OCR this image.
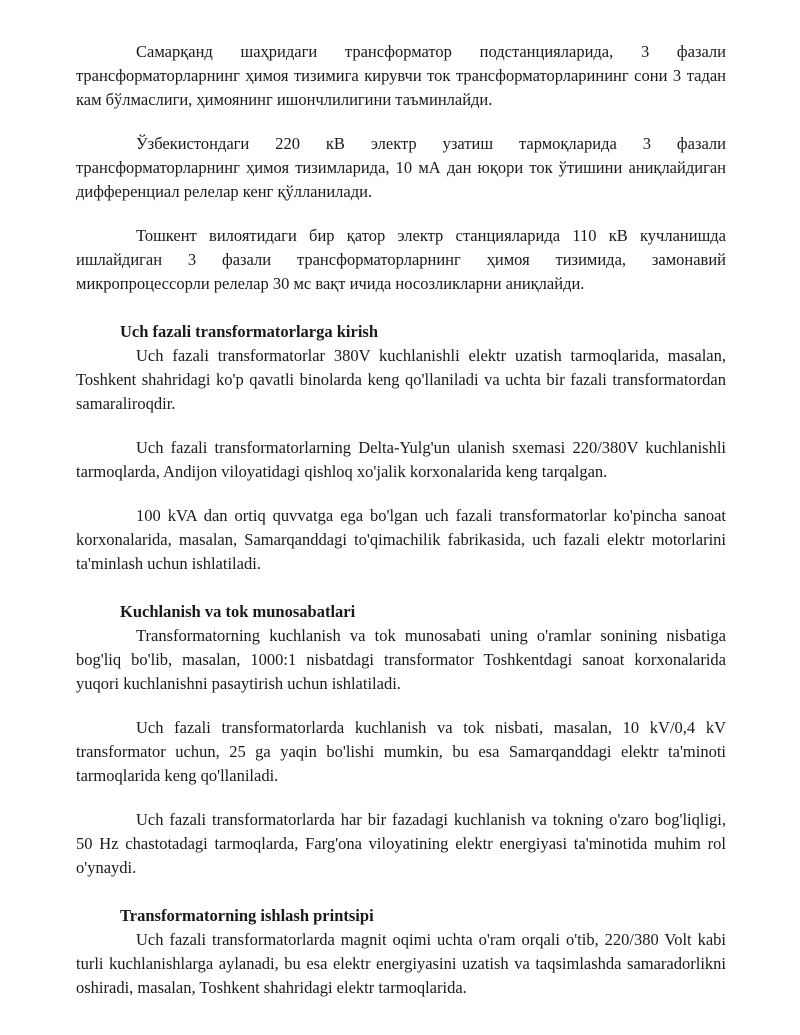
Самарқанд шаҳридаги трансформатор подстанцияларида, 3 фазали трансформаторларнинг ҳимоя тизимига кирувчи ток трансформаторларининг сони 3 тадан кам бўлмаслиги, ҳимоянинг ишончлилигини таъминлайди.

Ўзбекистондаги 220 кВ электр узатиш тармоқларида 3 фазали трансформаторларнинг ҳимоя тизимларида, 10 мА дан юқори ток ўтишини аниқлайдиган дифференциал релелар кенг қўлланилади.

Тошкент вилоятидаги бир қатор электр станцияларида 110 кВ кучланишда ишлайдиган 3 фазали трансформаторларнинг ҳимоя тизимида, замонавий микропроцессорли релелар 30 мс вақт ичида носозликларни аниқлайди.

Uch fazali transformatorlarga kirish

Uch fazali transformatorlar 380V kuchlanishli elektr uzatish tarmoqlarida, masalan, Toshkent shahridagi ko'p qavatli binolarda keng qo'llaniladi va uchta bir fazali transformatordan samaraliroqdir.

Uch fazali transformatorlarning Delta-Yulg'un ulanish sxemasi 220/380V kuchlanishli tarmoqlarda, Andijon viloyatidagi qishloq xo'jalik korxonalarida keng tarqalgan.

100 kVA dan ortiq quvvatga ega bo'lgan uch fazali transformatorlar ko'pincha sanoat korxonalarida, masalan, Samarqanddagi to'qimachilik fabrikasida, uch fazali elektr motorlarini ta'minlash uchun ishlatiladi.

Kuchlanish va tok munosabatlari

Transformatorning kuchlanish va tok munosabati uning o'ramlar sonining nisbatiga bog'liq bo'lib, masalan, 1000:1 nisbatdagi transformator Toshkentdagi sanoat korxonalarida yuqori kuchlanishni pasaytirish uchun ishlatiladi.

Uch fazali transformatorlarda kuchlanish va tok nisbati, masalan, 10 kV/0,4 kV transformator uchun, 25 ga yaqin bo'lishi mumkin, bu esa Samarqanddagi elektr ta'minoti tarmoqlarida keng qo'llaniladi.

Uch fazali transformatorlarda har bir fazadagi kuchlanish va tokning o'zaro bog'liqligi, 50 Hz chastotadagi tarmoqlarda, Farg'ona viloyatining elektr energiyasi ta'minotida muhim rol o'ynaydi.

Transformatorning ishlash printsipi

Uch fazali transformatorlarda magnit oqimi uchta o'ram orqali o'tib, 220/380 Volt kabi turli kuchlanishlarga aylanadi, bu esa elektr energiyasini uzatish va taqsimlashda samaradorlikni oshiradi, masalan, Toshkent shahridagi elektr tarmoqlarida.
